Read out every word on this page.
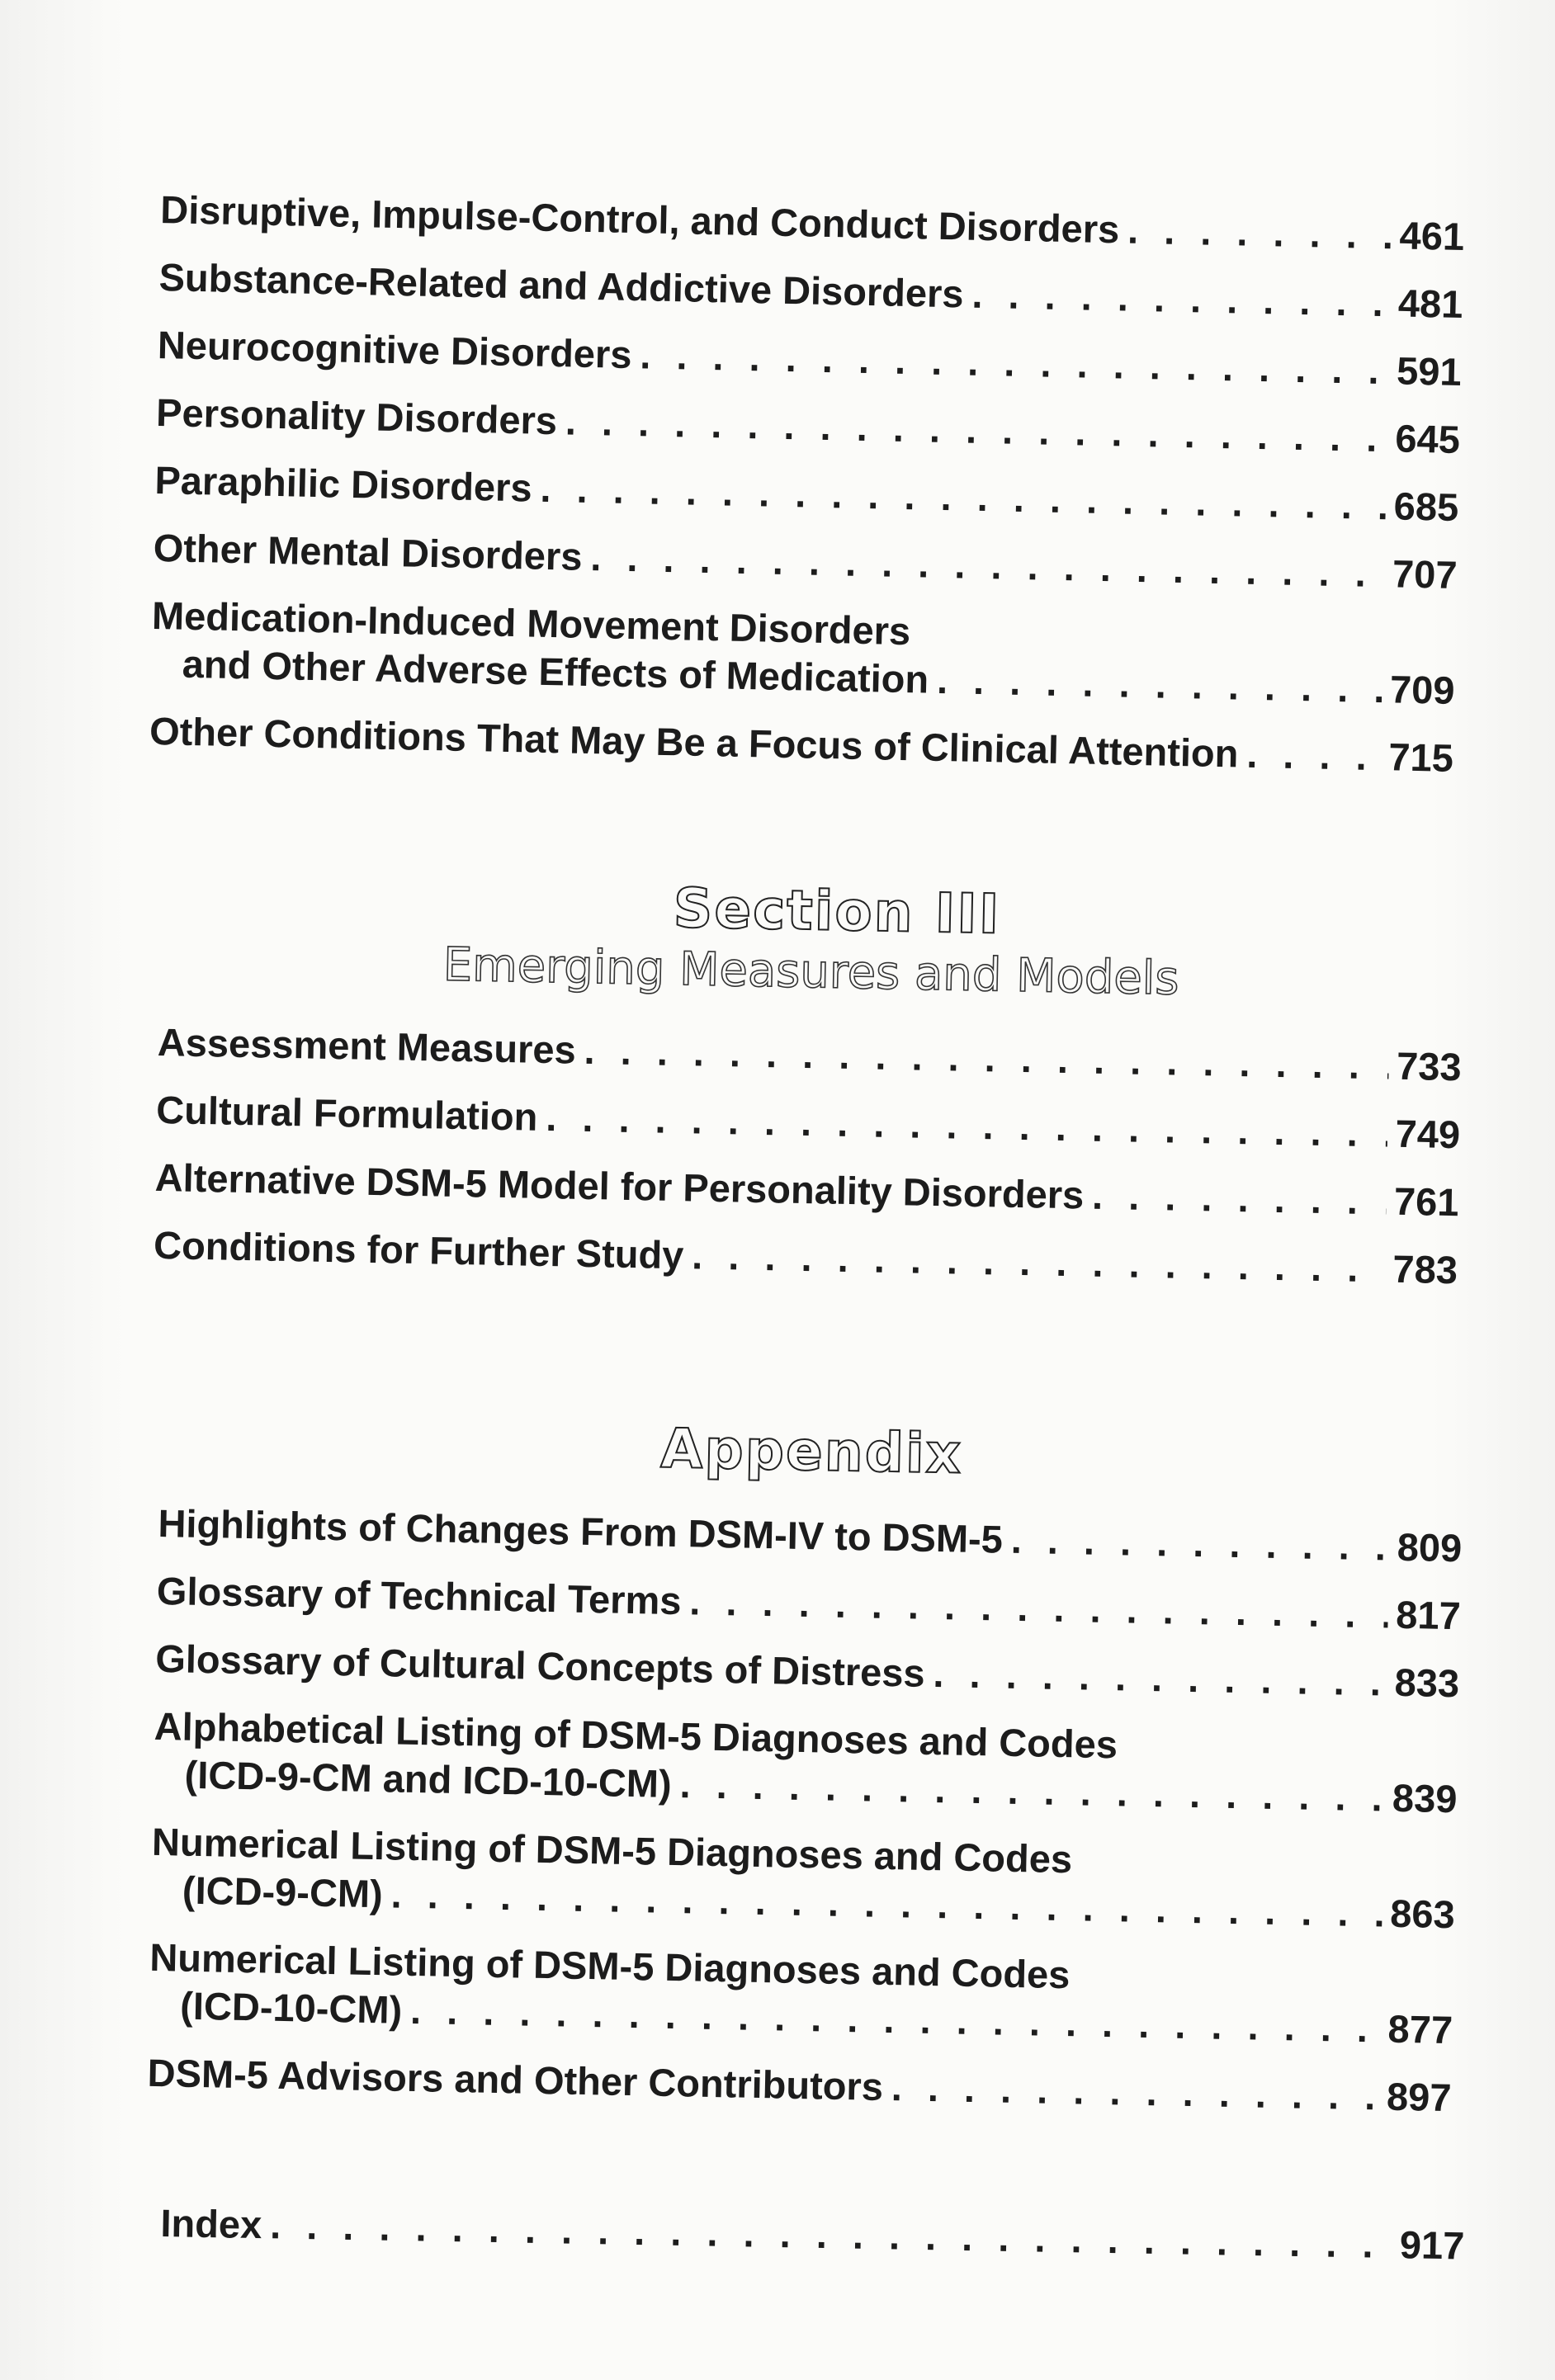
Disruptive, Impulse-Control, and Conduct Disorders . . .	461
Substance-Related and Addictive Disorders . . .	481
Neurocognitive Disorders . . .	591
Personality Disorders . . .	645
Paraphilic Disorders . . .	685
Other Mental Disorders . . .	707
Medication-Induced Movement Disorders
and Other Adverse Effects of Medication . . .	709
Other Conditions That May Be a Focus of Clinical Attention . . .	715
Section III
Emerging Measures and Models
Assessment Measures . . .	733
Cultural Formulation . . .	749
Alternative DSM-5 Model for Personality Disorders . . .	761
Conditions for Further Study . . .	783
Appendix
Highlights of Changes From DSM-IV to DSM-5 . . .	809
Glossary of Technical Terms . . .	817
Glossary of Cultural Concepts of Distress . . .	833
Alphabetical Listing of DSM-5 Diagnoses and Codes
(ICD-9-CM and ICD-10-CM) . . .	839
Numerical Listing of DSM-5 Diagnoses and Codes
(ICD-9-CM) . . .	863
Numerical Listing of DSM-5 Diagnoses and Codes
(ICD-10-CM) . . .	877
DSM-5 Advisors and Other Contributors . . .	897
Index . . .	917
